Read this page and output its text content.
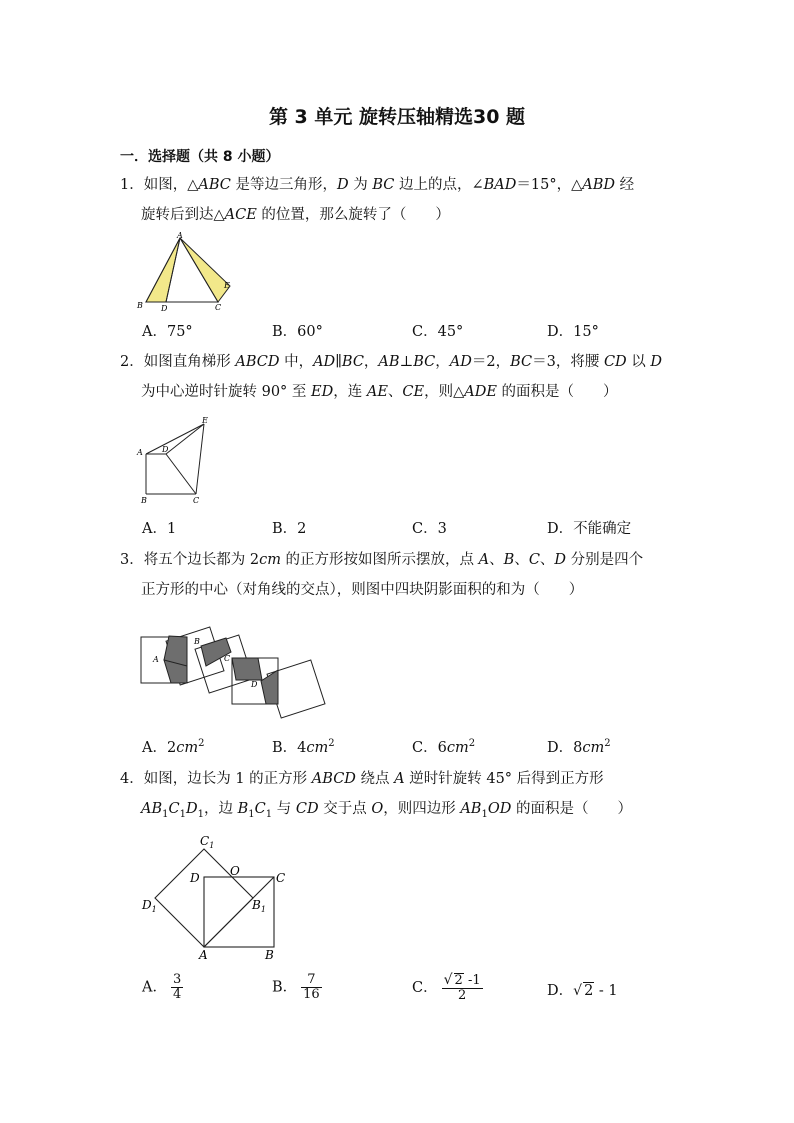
第 3 单元 旋转压轴精选30 题
一．选择题（共 8 小题）
1．如图，△ABC 是等边三角形，D 为 BC 边上的点，∠BAD＝15°，△ABD 经
旋转后到达△ACE 的位置，那么旋转了（　　）
A
B D	C
E
A．75°	B．60°	C．45°	D．15°
2．如图直角梯形 ABCD 中，AD∥BC，AB⊥BC，AD＝2，BC＝3，将腰 CD 以 D
为中心逆时针旋转 90° 至 ED，连 AE、CE，则△ADE 的面积是（　　）
E
A D
B	C
A．1	B．2	C．3	D．不能确定
3．将五个边长都为 2cm 的正方形按如图所示摆放，点 A、B、C、D 分别是四个
正方形的中心（对角线的交点），则图中四块阴影面积的和为（　　）
A
B
C
D
A．$2cm^2$	B．$4cm^2$	C．$6cm^2$	D．$8cm^2$
4．如图，边长为 1 的正方形 ABCD 绕点 A 逆时针旋转 45° 后得到正方形
$AB_1C_1D_1$，边 $B_1C_1$ 与 CD 交于点 O，则四边形 $AB_1OD$ 的面积是（　　）
$C_1$
$D_1$	$B_1$
D	O	C
A	B
A． $\frac{3}{4}$	B． $\frac{7}{16}$	C． $\frac{√ 2 -1}{2}$	D．√ 2 - 1
